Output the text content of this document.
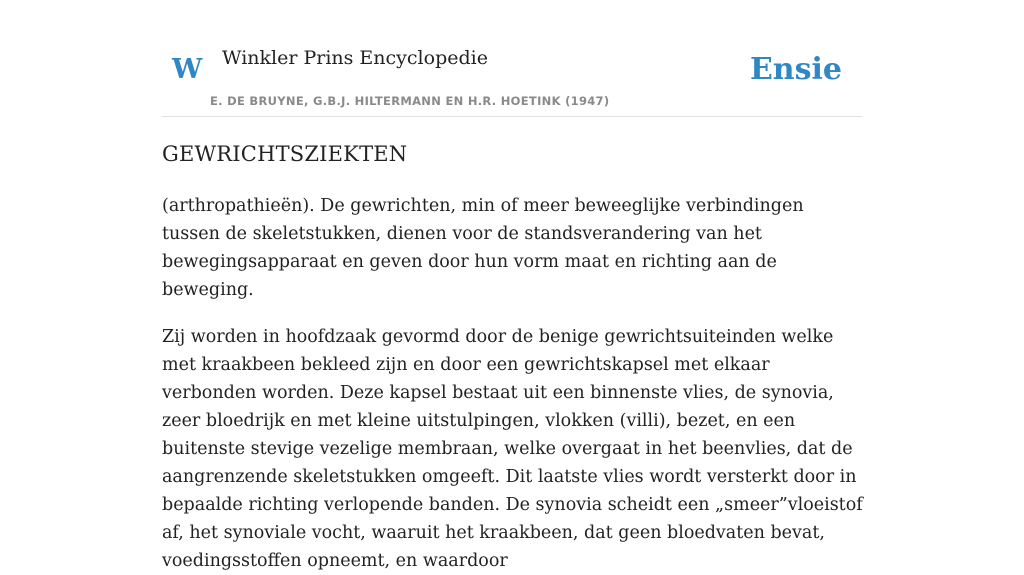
W Winkler Prins Encyclopedie
E. DE BRUYNE, G.B.J. HILTERMANN EN H.R. HOETINK (1947)
Ensie
GEWRICHTSZIEKTEN

(arthropathieën). De gewrichten, min of meer beweeglijke verbindingen tussen de skeletstukken, dienen voor de standsverandering van het bewegingsapparaat en geven door hun vorm maat en richting aan de beweging.

Zij worden in hoofdzaak gevormd door de benige gewrichtsuiteinden welke met kraakbeen bekleed zijn en door een gewrichtskapsel met elkaar verbonden worden. Deze kapsel bestaat uit een binnenste vlies, de synovia, zeer bloedrijk en met kleine uitstulpingen, vlokken (villi), bezet, en een buitenste stevige vezelige membraan, welke overgaat in het beenvlies, dat de aangrenzende skeletstukken omgeeft. Dit laatste vlies wordt versterkt door in bepaalde richting verlopende banden. De synovia scheidt een „smeer”vloeistof af, het synoviale vocht, waaruit het kraakbeen, dat geen bloedvaten bevat, voedingsstoffen opneemt, en waardoor
